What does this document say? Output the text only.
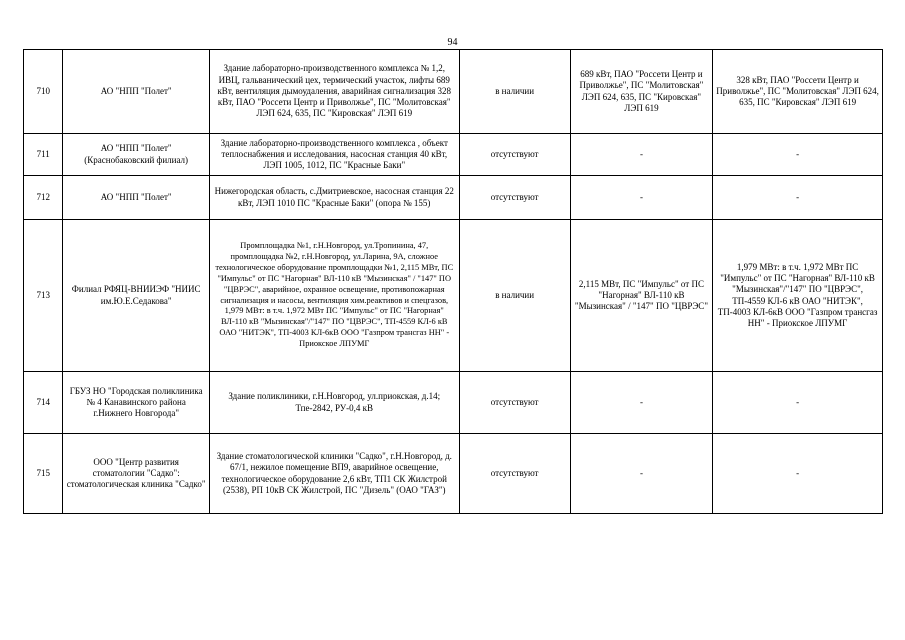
94
710	АО "НПП "Полет"	Здание лабораторно-производственного комплекса № 1,2, ИВЦ, гальванический цех, термический участок, лифты 689 кВт, вентиляция дымоудаления, аварийная сигнализация 328 кВт, ПАО "Россети Центр и Приволжье", ПС "Молитовская" ЛЭП 624, 635, ПС "Кировская" ЛЭП 619	в наличии	689 кВт, ПАО "Россети Центр и Приволжье", ПС "Молитовская" ЛЭП 624, 635, ПС "Кировская" ЛЭП 619	328 кВт, ПАО "Россети Центр и Приволжье", ПС "Молитовская" ЛЭП 624, 635, ПС "Кировская" ЛЭП 619
711	АО "НПП "Полет" (Краснобаковский филиал)	Здание лабораторно-производственного комплекса , объект теплоснабжения и исследования, насосная станция 40 кВт, ЛЭП 1005, 1012, ПС "Красные Баки"	отсутствуют	-	-
712	АО "НПП "Полет"	Нижегородская область, с.Дмитриевское, насосная станция 22 кВт, ЛЭП 1010 ПС "Красные Баки" (опора № 155)	отсутствуют	-	-
713	Филиал РФЯЦ-ВНИИЭФ "НИИС им.Ю.Е.Седакова"	Промплощадка №1, г.Н.Новгород, ул.Тропинина, 47, промплощадка №2, г.Н.Новгород, ул.Ларина, 9А, сложное технологическое оборудование промплощадки №1, 2,115 МВт, ПС "Импульс" от ПС "Нагорная" ВЛ-110 кВ "Мызинская" / "147" ПО "ЦВРЭС", аварийное, охранное освещение, противопожарная сигнализация и насосы, вентиляция хим.реактивов и спецгазов, 1,979 МВт: в т.ч. 1,972 МВт ПС "Импульс" от ПС "Нагорная" ВЛ-110 кВ "Мызинская"/"147" ПО "ЦВРЭС", ТП-4559 КЛ-6 кВ ОАО "НИТЭК", ТП-4003 КЛ-6кВ ООО "Газпром трансгаз НН" - Приокское ЛПУМГ	в наличии	2,115 МВт, ПС "Импульс" от ПС "Нагорная" ВЛ-110 кВ "Мызинская" / "147" ПО "ЦВРЭС"	1,979 МВт: в т.ч. 1,972 МВт ПС "Импульс" от ПС "Нагорная" ВЛ-110 кВ "Мызинская"/"147" ПО "ЦВРЭС", ТП-4559 КЛ-6 кВ ОАО "НИТЭК", ТП-4003 КЛ-6кВ ООО "Газпром трансгаз НН" - Приокское ЛПУМГ
714	ГБУЗ НО "Городская поликлиника № 4 Канавинского района г.Нижнего Новгорода"	Здание поликлиники, г.Н.Новгород, ул.приокская, д.14; Тпе-2842, РУ-0,4 кВ	отсутствуют	-	-
715	ООО "Центр развития стоматологии "Садко": стоматологическая клиника "Садко"	Здание стоматологической клиники "Садко", г.Н.Новгород, д. 67/1, нежилое помещение ВП9, аварийное освещение, технологическое оборудование 2,6 кВт, ТП1 СК Жилстрой (2538), РП 10кВ СК Жилстрой, ПС "Дизель" (ОАО "ГАЗ")	отсутствуют	-	-
